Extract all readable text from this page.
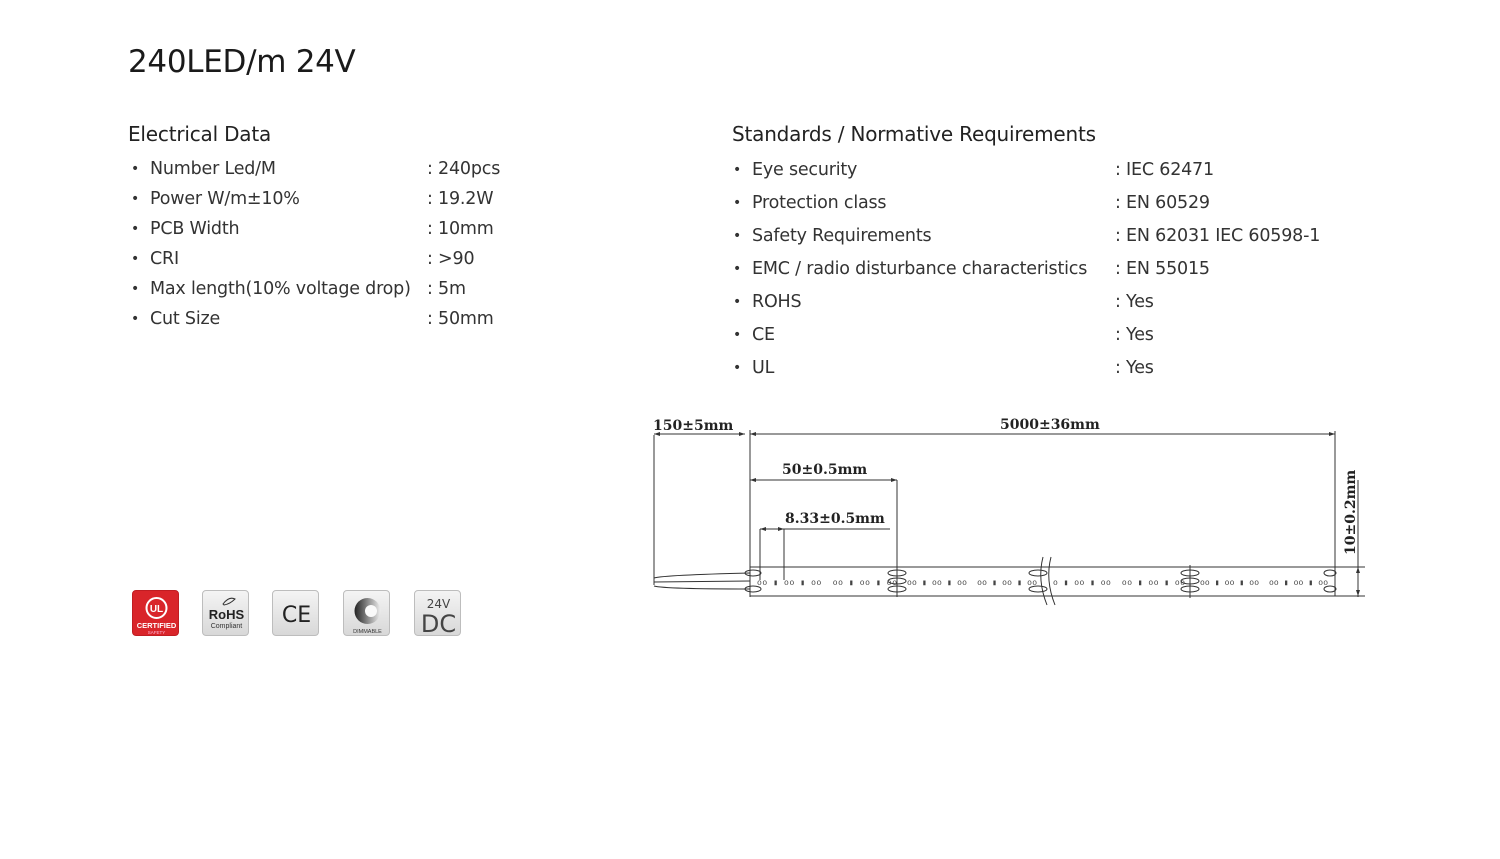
240LED/m 24V
Electrical Data
• Number Led/M	: 240pcs
• Power W/m±10%	: 19.2W
• PCB Width	: 10mm
• CRI	: >90
• Max length(10% voltage drop) : 5m
• Cut Size	: 50mm
Standards / Normative Requirements
• Eye security	: IEC 62471
• Protection class	: EN 60529
• Safety Requirements	: EN 62031 IEC 60598-1
• EMC / radio disturbance characteristics : EN 55015
• ROHS	: Yes
• CE	: Yes
• UL	: Yes
UL
CERTIFIED
SAFETY
RoHS
Compliant CE
DIMMABLE
24V
DC
oo ▮ oo ▮ oo  oo ▮ oo ▮ oo oo ▮ oo ▮ oo  oo ▮ oo ▮ oo o ▮ oo ▮ oo  oo ▮ oo ▮ oo oo ▮ oo ▮ oo  oo ▮ oo ▮ oo
150±5mm	5000±36mm
50±0.5mm
8.33±0.5mm	10±0.2mm
